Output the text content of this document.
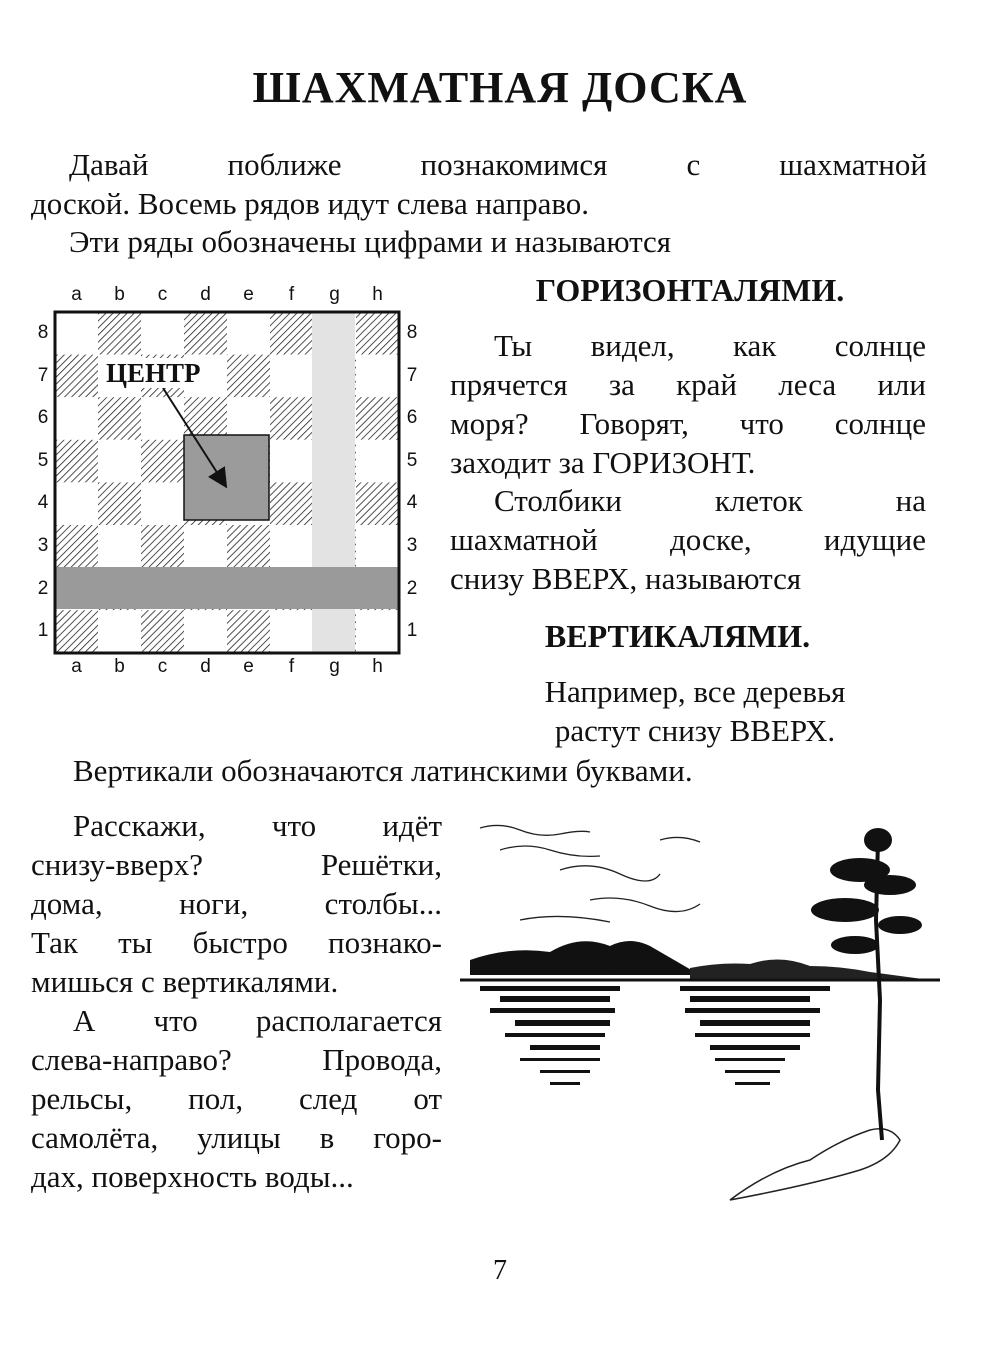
ШАХМАТНАЯ ДОСКА

Давай поближе познакомимся с шахматной

доской. Восемь рядов идут слева направо.

Эти ряды обозначены цифрами и называются

ЦЕНТР
a	b	c	d	e	f	g	h
a	b	c	d	e	f	g	h
8
7
6
5
4
3
2
1
8
7
6
5
4
3
2
1
ГОРИЗОНТАЛЯМИ.

Ты видел, как солнце

прячется за край леса или

моря? Говорят, что солнце

заходит за ГОРИЗОНТ.

Столбики клеток на

шахматной доске, идущие

снизу ВВЕРХ, называются

ВЕРТИКАЛЯМИ.

Например, все деревья

растут снизу ВВЕРХ.

Вертикали обозначаются латинскими буквами.

Расскажи, что идёт

снизу-вверх? Решётки,

дома, ноги, столбы...

Так ты быстро познако-

мишься с вертикалями.

А что располагается

слева-направо? Провода,

рельсы, пол, след от

самолёта, улицы в горо-

дах, поверхность воды...

7
